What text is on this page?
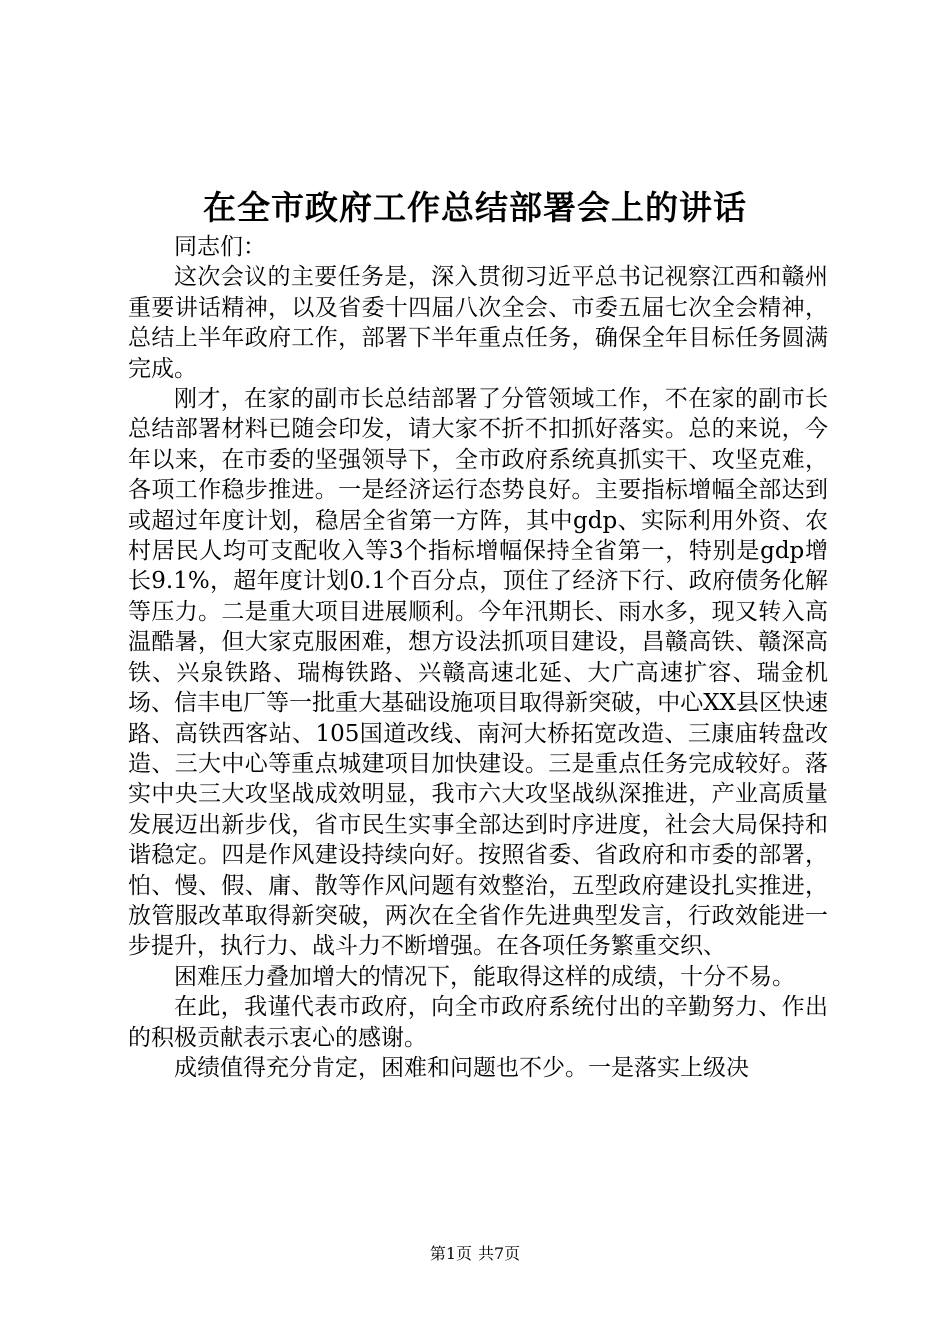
在全市政府工作总结部署会上的讲话

同志们：

这次会议的主要任务是，深入贯彻习近平总书记视察江西和赣州重要讲话精神，以及省委十四届八次全会、市委五届七次全会精神，总结上半年政府工作，部署下半年重点任务，确保全年目标任务圆满完成。

刚才，在家的副市长总结部署了分管领域工作，不在家的副市长总结部署材料已随会印发，请大家不折不扣抓好落实。总的来说，今年以来，在市委的坚强领导下，全市政府系统真抓实干、攻坚克难，各项工作稳步推进。一是经济运行态势良好。主要指标增幅全部达到或超过年度计划，稳居全省第一方阵，其中gdp、实际利用外资、农村居民人均可支配收入等3个指标增幅保持全省第一，特别是gdp增长9.1%，超年度计划0.1个百分点，顶住了经济下行、政府债务化解等压力。二是重大项目进展顺利。今年汛期长、雨水多，现又转入高温酷暑，但大家克服困难，想方设法抓项目建设，昌赣高铁、赣深高铁、兴泉铁路、瑞梅铁路、兴赣高速北延、大广高速扩容、瑞金机场、信丰电厂等一批重大基础设施项目取得新突破，中心XX县区快速路、高铁西客站、105国道改线、南河大桥拓宽改造、三康庙转盘改造、三大中心等重点城建项目加快建设。三是重点任务完成较好。落实中央三大攻坚战成效明显，我市六大攻坚战纵深推进，产业高质量发展迈出新步伐，省市民生实事全部达到时序进度，社会大局保持和谐稳定。四是作风建设持续向好。按照省委、省政府和市委的部署，怕、慢、假、庸、散等作风问题有效整治，五型政府建设扎实推进，放管服改革取得新突破，两次在全省作先进典型发言，行政效能进一步提升，执行力、战斗力不断增强。在各项任务繁重交织、

困难压力叠加增大的情况下，能取得这样的成绩，十分不易。

在此，我谨代表市政府，向全市政府系统付出的辛勤努力、作出的积极贡献表示衷心的感谢。

成绩值得充分肯定，困难和问题也不少。一是落实上级决

第1页 共7页
